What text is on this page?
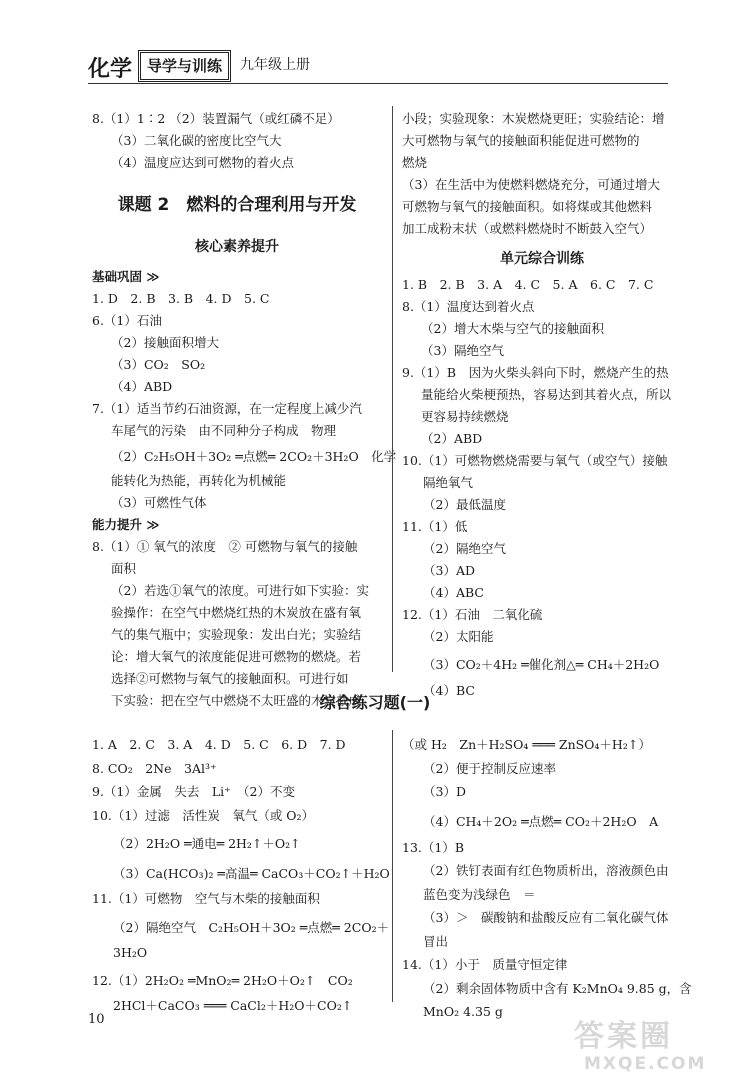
化学 导学与训练	九年级上册
8.（1）1∶2 （2）装置漏气（或红磷不足）
（3）二氧化碳的密度比空气大
（4）温度应达到可燃物的着火点
课题 2　燃料的合理利用与开发
核心素养提升
基础巩固 ≫
1. D　2. B　3. B　4. D　5. C
6.（1）石油
（2）接触面积增大
（3）CO₂　SO₂
（4）ABD
7.（1）适当节约石油资源，在一定程度上减少汽
车尾气的污染　由不同种分子构成　物理
（2）C₂H₅OH＋3O₂ ═点燃═ 2CO₂＋3H₂O　化学
能转化为热能，再转化为机械能
（3）可燃性气体
能力提升 ≫
8.（1）① 氧气的浓度　② 可燃物与氧气的接触
面积
（2）若选①氧气的浓度。可进行如下实验：实
验操作：在空气中燃烧红热的木炭放在盛有氧
气的集气瓶中；实验现象：发出白光；实验结
论：增大氧气的浓度能促进可燃物的燃烧。若
选择②可燃物与氧气的接触面积。可进行如
下实验：把在空气中燃烧不太旺盛的木炭截成
小段；实验现象：木炭燃烧更旺；实验结论：增
大可燃物与氧气的接触面积能促进可燃物的
燃烧
（3）在生活中为使燃料燃烧充分，可通过增大
可燃物与氧气的接触面积。如将煤或其他燃料
加工成粉末状（或燃料燃烧时不断鼓入空气）
单元综合训练
1. B　2. B　3. A　4. C　5. A　6. C　7. C
8.（1）温度达到着火点
（2）增大木柴与空气的接触面积
（3）隔绝空气
9.（1）B　因为火柴头斜向下时，燃烧产生的热
量能给火柴梗预热，容易达到其着火点，所以
更容易持续燃烧
（2）ABD
10.（1）可燃物燃烧需要与氧气（或空气）接触
隔绝氧气
（2）最低温度
11.（1）低
（2）隔绝空气
（3）AD
（4）ABC
12.（1）石油　二氧化硫
（2）太阳能
（3）CO₂＋4H₂ ═催化剂△═ CH₄＋2H₂O
（4）BC
综合练习题(一)
1. A　2. C　3. A　4. D　5. C　6. D　7. D
8. CO₂　2Ne　3Al³⁺
9.（1）金属　失去　Li⁺　（2）不变
10.（1）过滤　活性炭　氧气（或 O₂）
（2）2H₂O ═通电═ 2H₂↑＋O₂↑
（3）Ca(HCO₃)₂ ═高温═ CaCO₃＋CO₂↑＋H₂O
11.（1）可燃物　空气与木柴的接触面积
（2）隔绝空气　C₂H₅OH＋3O₂ ═点燃═ 2CO₂＋
3H₂O
12.（1）2H₂O₂ ═MnO₂═ 2H₂O＋O₂↑　CO₂
2HCl＋CaCO₃ ═══ CaCl₂＋H₂O＋CO₂↑
（或 H₂　Zn＋H₂SO₄ ═══ ZnSO₄＋H₂↑）
（2）便于控制反应速率
（3）D
（4）CH₄＋2O₂ ═点燃═ CO₂＋2H₂O　A
13.（1）B
（2）铁钉表面有红色物质析出，溶液颜色由
蓝色变为浅绿色　＝
（3）＞　碳酸钠和盐酸反应有二氧化碳气体
冒出
14.（1）小于　质量守恒定律
（2）剩余固体物质中含有 K₂MnO₄ 9.85 g，含
MnO₂ 4.35 g
10	答案圈
MXQE.COM
